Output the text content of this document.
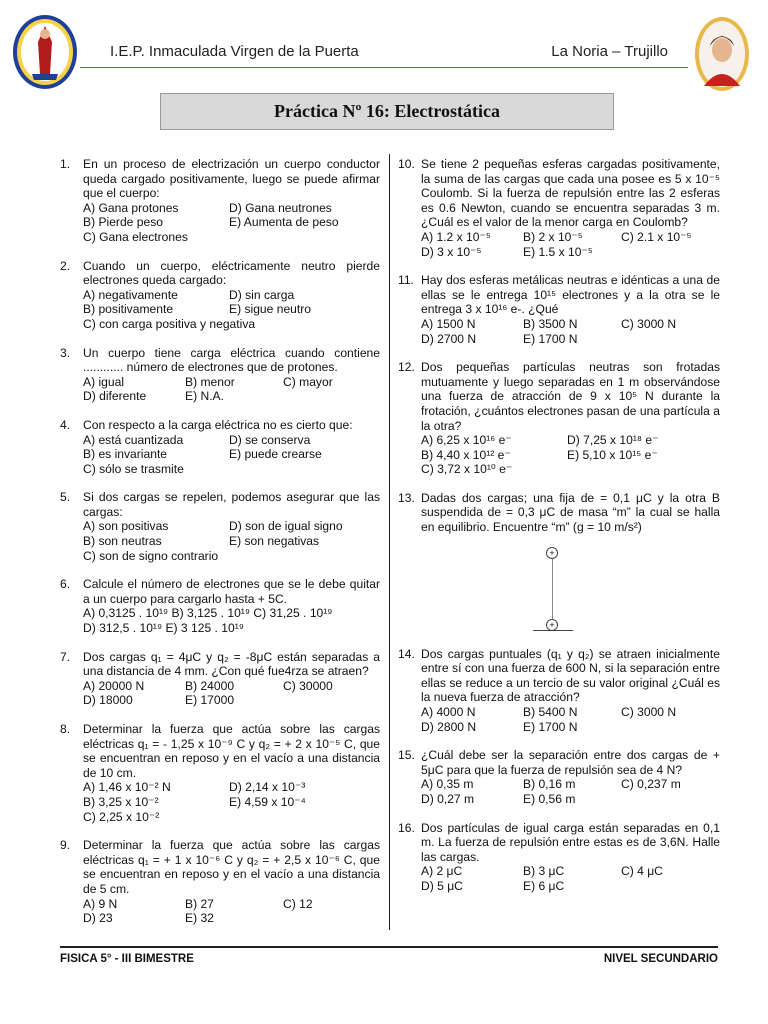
I.E.P. Inmaculada Virgen de la Puerta	La Noria – Trujillo
Práctica Nº 16: Electrostática
1. En un proceso de electrización un cuerpo conductor queda cargado positivamente, luego se puede afirmar que el cuerpo:
A) Gana protones	D) Gana neutrones
B) Pierde peso	E) Aumenta de peso
C) Gana electrones
2. Cuando un cuerpo, eléctricamente neutro pierde electrones queda cargado:
A) negativamente	D) sin carga
B) positivamente	E) sigue neutro
C) con carga positiva y negativa
3. Un cuerpo tiene carga eléctrica cuando contiene ............ número de electrones que de protones.
A) igual	B) menor	C) mayor
D) diferente	E) N.A.
4. Con respecto a la carga eléctrica no es cierto que:
A) está cuantizada	D) se conserva
B) es invariante	E) puede crearse
C) sólo se trasmite
5. Si dos cargas se repelen, podemos asegurar que las cargas:
A) son positivas	D) son de igual signo
B) son neutras	E) son negativas
C) son de signo contrario
6. Calcule el número de electrones que se le debe quitar a un cuerpo para cargarlo hasta + 5C.
A) 0,3125 . 10¹⁹ B) 3,125 . 10¹⁹ C) 31,25 . 10¹⁹
D) 312,5 . 10¹⁹ E) 3 125 . 10¹⁹
7. Dos cargas q₁ = 4μC y q₂ = -8μC están separadas a una distancia de 4 mm. ¿Con qué fue4rza se atraen?
A) 20000 N	B) 24000	C) 30000
D) 18000	E) 17000
8. Determinar la fuerza que actúa sobre las cargas eléctricas q₁ = - 1,25 x 10⁻⁹ C y q₂ = + 2 x 10⁻⁵ C, que se encuentran en reposo y en el vacío a una distancia de 10 cm.
A) 1,46 x 10⁻² N	D) 2,14 x 10⁻³
B) 3,25 x 10⁻²	E) 4,59 x 10⁻⁴
C) 2,25 x 10⁻²
9. Determinar la fuerza que actúa sobre las cargas eléctricas q₁ = + 1 x 10⁻⁶ C y q₂ = + 2,5 x 10⁻⁶ C, que se encuentran en reposo y en el vacío a una distancia de 5 cm.
A) 9 N	B) 27	C) 12
D) 23	E) 32
10. Se tiene 2 pequeñas esferas cargadas positivamente, la suma de las cargas que cada una posee es 5 x 10⁻⁵ Coulomb. Si la fuerza de repulsión entre las 2 esferas es 0.6 Newton, cuando se encuentra separadas 3 m. ¿Cuál es el valor de la menor carga en Coulomb?
A) 1.2 x 10⁻⁵	B) 2 x 10⁻⁵	C) 2.1 x 10⁻⁵
D) 3 x 10⁻⁵	E) 1.5 x 10⁻⁵
11. Hay dos esferas metálicas neutras e idénticas a una de ellas se le entrega 10¹⁵ electrones y a la otra se le entrega 3 x 10¹⁶ e-. ¿Qué
A) 1500 N	B) 3500 N	C) 3000 N
D) 2700 N	E) 1700 N
12. Dos pequeñas partículas neutras son frotadas mutuamente y luego separadas en 1 m observándose una fuerza de atracción de 9 x 10⁵ N durante la frotación, ¿cuántos electrones pasan de una partícula a la otra?
A) 6,25 x 10¹⁶ e⁻	D) 7,25 x 10¹⁸ e⁻
B) 4,40 x 10¹² e⁻	E) 5,10 x 10¹⁵ e⁻
C) 3,72 x 10¹⁰ e⁻
13. Dadas dos cargas; una fija de = 0,1 μC y la otra B suspendida de = 0,3 μC de masa “m” la cual se halla en equilibrio. Encuentre “m” (g = 10 m/s²)
+
+
14. Dos cargas puntuales (q₁ y q₂) se atraen inicialmente entre sí con una fuerza de 600 N, si la separación entre ellas se reduce a un tercio de su valor original ¿Cuál es la nueva fuerza de atracción?
A) 4000 N	B) 5400 N	C) 3000 N
D) 2800 N	E) 1700 N
15. ¿Cuál debe ser la separación entre dos cargas de + 5μC para que la fuerza de repulsión sea de 4 N?
A) 0,35 m	B) 0,16 m	C) 0,237 m
D) 0,27 m	E) 0,56 m
16. Dos partículas de igual carga están separadas en 0,1 m. La fuerza de repulsión entre estas es de 3,6N. Halle las cargas.
A) 2 μC	B) 3 μC	C) 4 μC
D) 5 μC	E) 6 μC
FISICA 5° - III BIMESTRE	NIVEL SECUNDARIO
